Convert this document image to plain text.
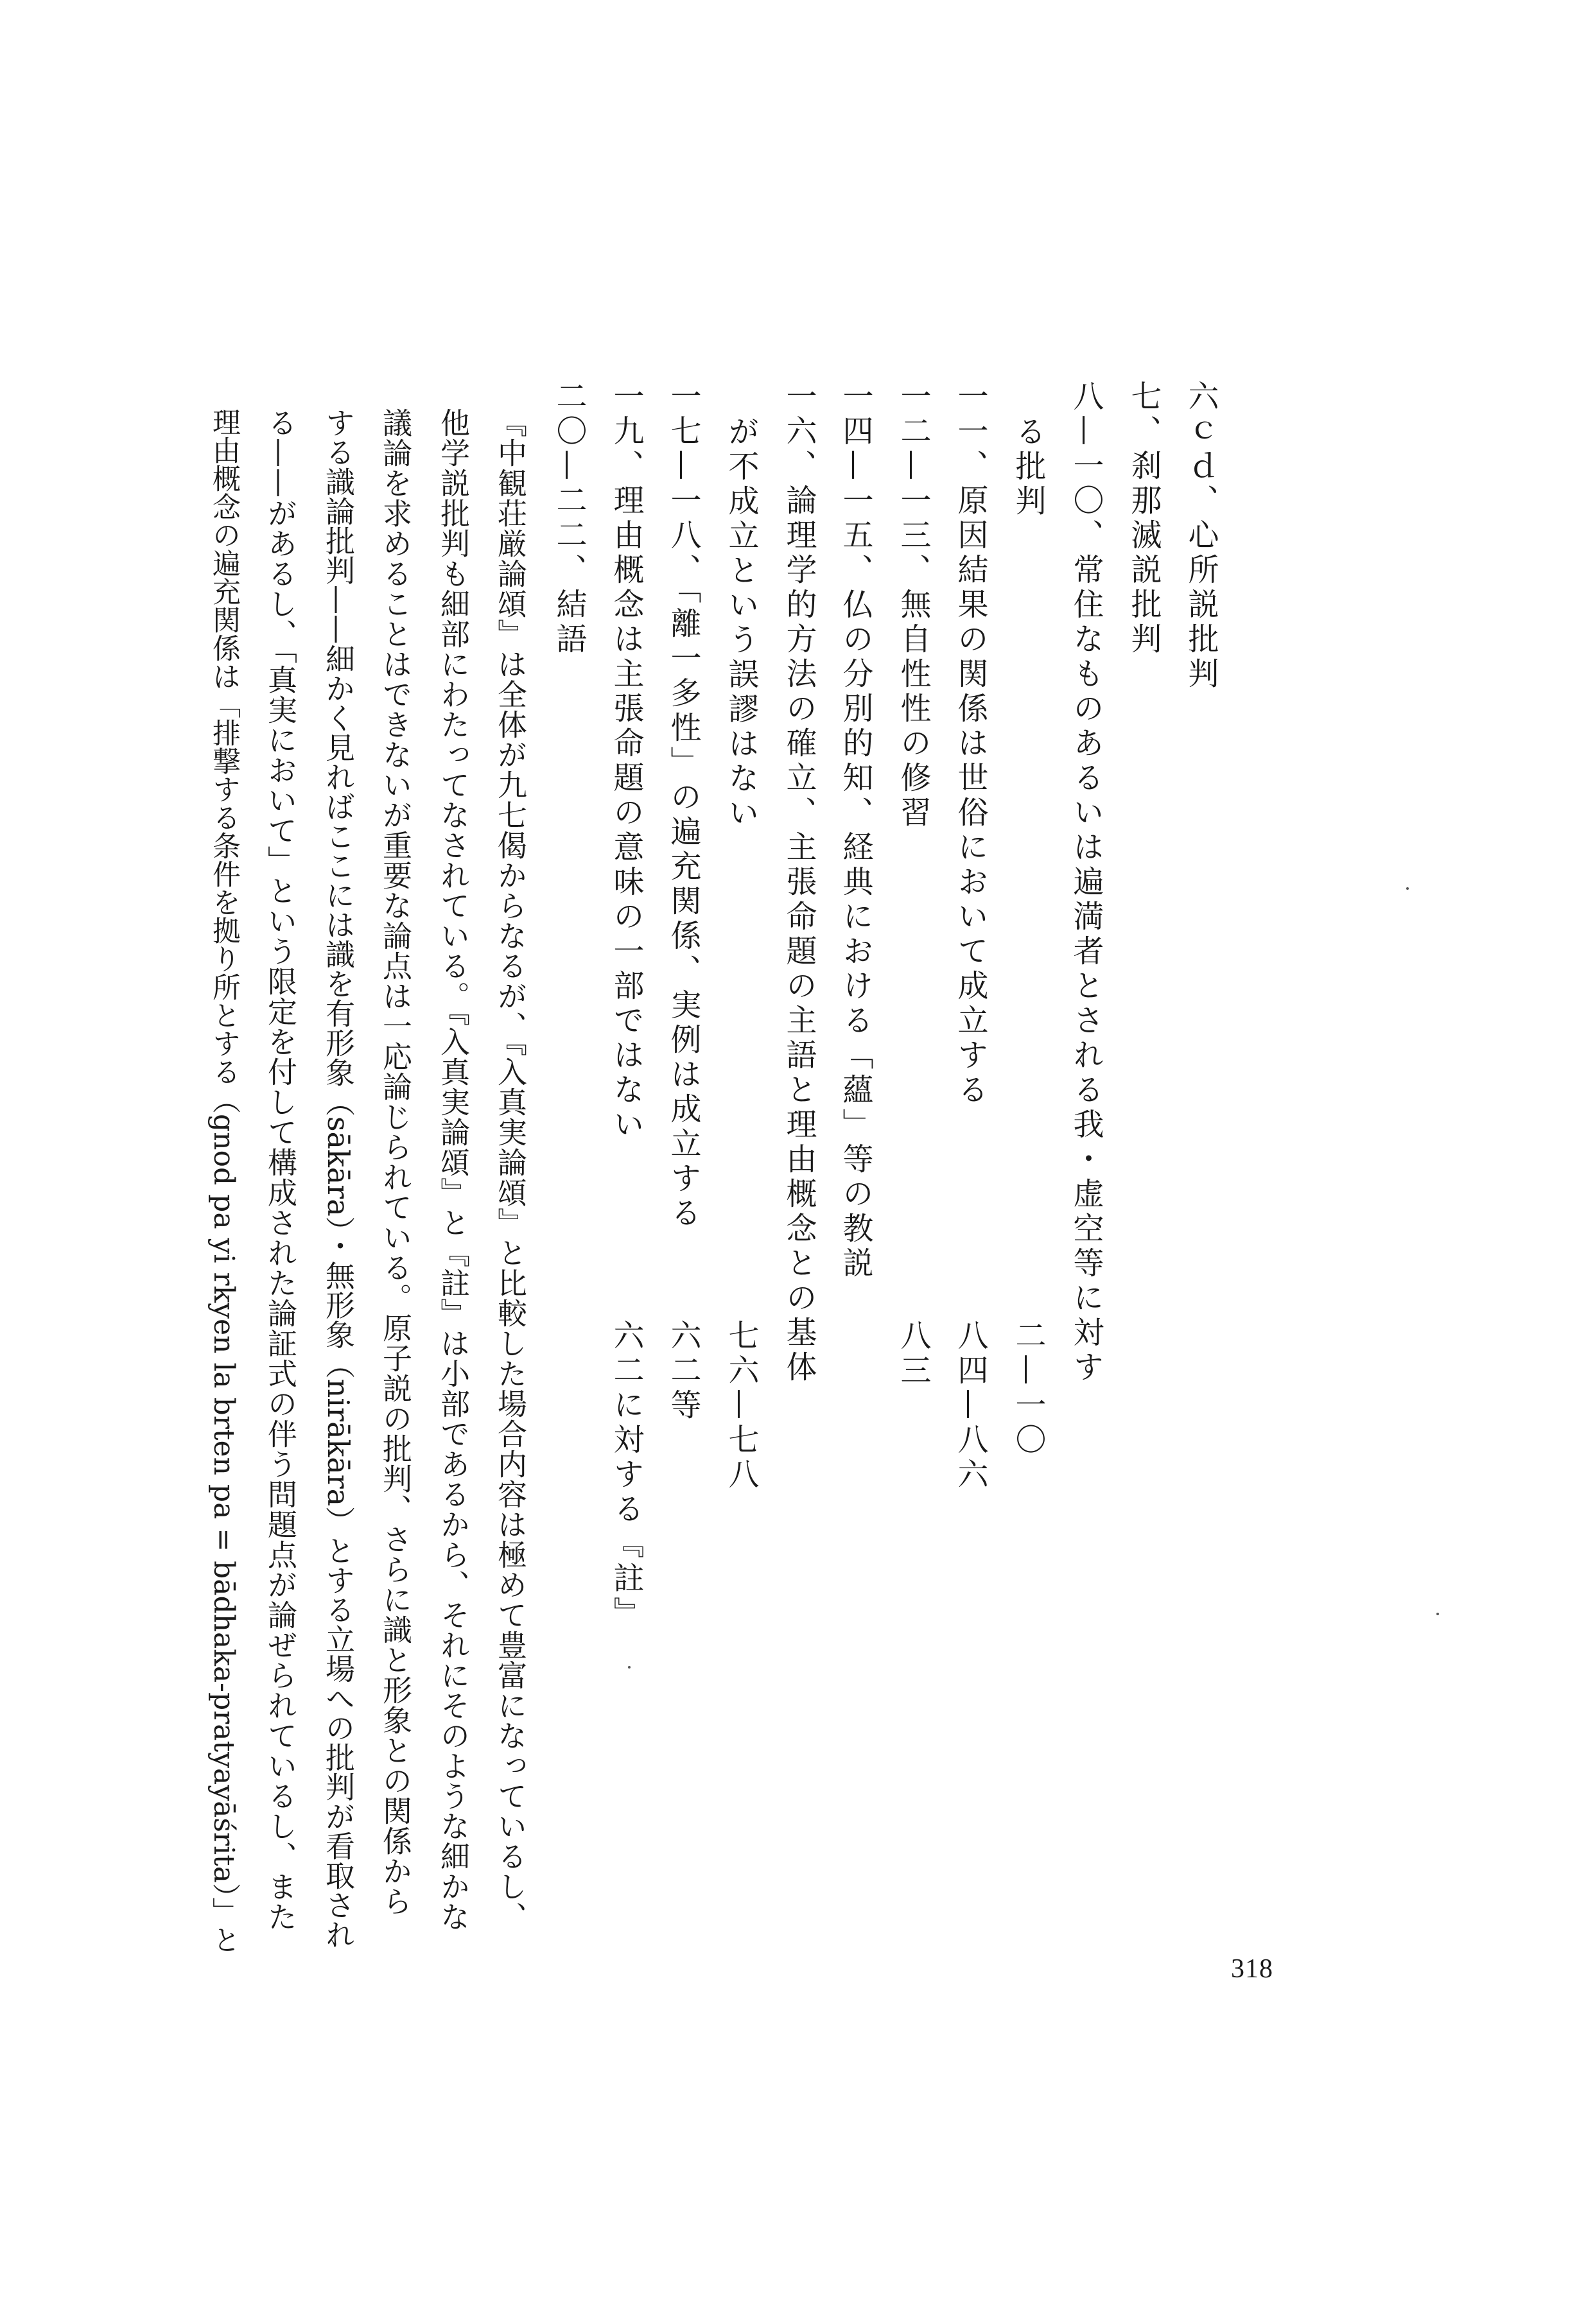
六ｃｄ、心所説批判
七、刹那滅説批判
八—一〇、常住なものあるいは遍満者とされる我・虚空等に対す
る批判
一一、原因結果の関係は世俗において成立する
一二—一三、無自性性の修習
一四—一五、仏の分別的知、経典における「蘊」等の教説
一六、論理学的方法の確立、主張命題の主語と理由概念との基体
が不成立という誤謬はない
一七—一八、「離一多性」の遍充関係、実例は成立する
一九、理由概念は主張命題の意味の一部ではない
二〇—二二、結語
二—一〇
八四—八六
八三
七六—七八
六二等
六二に対する『註』
『中観荘厳論頌』は全体が九七偈からなるが、『入真実論頌』と比較した場合内容は極めて豊富になっているし、
他学説批判も細部にわたってなされている。『入真実論頌』と『註』は小部であるから、それにそのような細かな
議論を求めることはできないが重要な論点は一応論じられている。原子説の批判、さらに識と形象との関係から
する識論批判——細かく見ればここには識を有形象（sākāra）・無形象（nirākāra）とする立場への批判が看取され
る——があるし、「真実において」という限定を付して構成された論証式の伴う問題点が論ぜられているし、また
理由概念の遍充関係は「排撃する条件を拠り所とする（gnod pa yi rkyen la brten pa = bādhaka-pratyayāśrita）」と
318
